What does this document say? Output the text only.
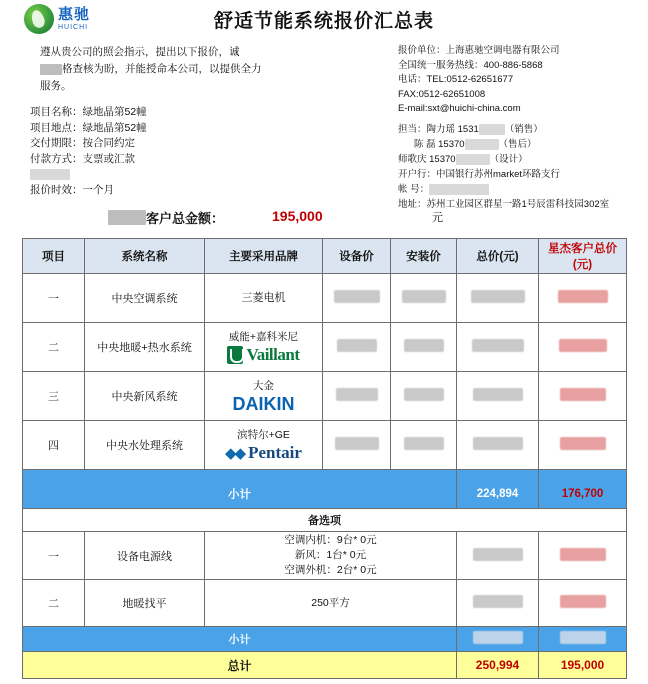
惠驰
HUICHI	舒适节能系统报价汇总表

遵从贵公司的照会指示，提出以下报价，诚

格查核为盼，并能授命本公司，以提供全力

服务。

项目名称：绿地晶第52幢
项目地点：绿地晶第52幢
交付期限：按合同约定
付款方式：支票或汇款
报价时效：一个月
报价单位：上海惠驰空调电器有限公司
全国统一服务热线：400-886-5868
电话：TEL:0512-62651677
FAX:0512-62651008
E-mail:sxt@huichi-china.com
担当：陶力瑶 1531	（销售）
陈 磊 15370	（售后）
师歌庆 15370	（设计）
开户行：中国银行苏州market环路支行
帐 号：
地址：苏州工业园区群星一路1号辰雷科技园302室
客户总金额：	195,000	元
项目	系统名称	主要采用品牌	设备价	安装价	总价(元)	星杰客户总价(元)
一	中央空调系统	三菱电机				
二	中央地暖+热水系统	威能+嘉科米尼
Vaillant				

三	中央新风系统	大金
DAIKIN				

四	中央水处理系统	滨特尔+GE
◆◆ Pentair				

小计					224,894	176,700
备选项				
一	设备电源线	空调内机：9台* 0元
新风：1台* 0元
空调外机：2台* 0元		

二	地暖找平	250平方		

小计				
总计			250,994	195,000
